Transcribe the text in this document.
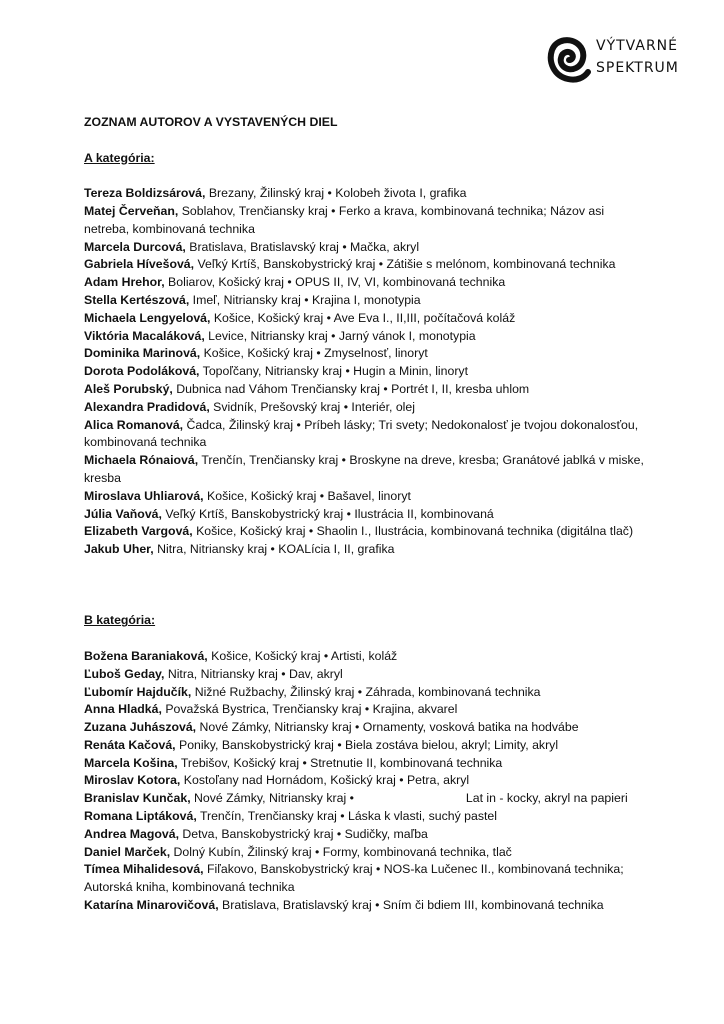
VÝTVARNÉ
SPEKTRUM
ZOZNAM AUTOROV A VYSTAVENÝCH DIEL
A kategória:

Tereza Boldizsárová, Brezany, Žilinský kraj • Kolobeh života I, grafika

Matej Červeňan, Soblahov, Trenčiansky kraj • Ferko a krava, kombinovaná technika; Názov asi netreba, kombinovaná technika

Marcela Durcová, Bratislava, Bratislavský kraj • Mačka, akryl

Gabriela Hívešová, Veľký Krtíš, Banskobystrický kraj • Zátišie s melónom, kombinovaná technika

Adam Hrehor, Boliarov, Košický kraj • OPUS II, IV, VI, kombinovaná technika

Stella Kertészová, Imeľ, Nitriansky kraj • Krajina I, monotypia

Michaela Lengyelová, Košice, Košický kraj • Ave Eva I., II,III, počítačová koláž

Viktória Macaláková, Levice, Nitriansky kraj • Jarný vánok I, monotypia

Dominika Marinová, Košice, Košický kraj • Zmyselnosť, linoryt

Dorota Podoláková, Topoľčany, Nitriansky kraj • Hugin a Minin, linoryt

Aleš Porubský, Dubnica nad Váhom Trenčiansky kraj • Portrét I, II, kresba uhlom

Alexandra Pradidová, Svidník, Prešovský kraj • Interiér, olej

Alica Romanová, Čadca, Žilinský kraj • Príbeh lásky; Tri svety; Nedokonalosť je tvojou dokonalosťou, kombinovaná technika

Michaela Rónaiová, Trenčín, Trenčiansky kraj • Broskyne na dreve, kresba; Granátové jablká v miske, kresba

Miroslava Uhliarová, Košice, Košický kraj • Bašavel, linoryt

Júlia Vaňová, Veľký Krtíš, Banskobystrický kraj • Ilustrácia II, kombinovaná

Elizabeth Vargová, Košice, Košický kraj • Shaolin I., Ilustrácia, kombinovaná technika (digitálna tlač)

Jakub Uher, Nitra, Nitriansky kraj • KOALícia I, II, grafika

B kategória:

Božena Baraniaková, Košice, Košický kraj • Artisti, koláž

Ľuboš Geday, Nitra, Nitriansky kraj • Dav, akryl

Ľubomír Hajdučík, Nižné Ružbachy, Žilinský kraj • Záhrada, kombinovaná technika

Anna Hladká, Považská Bystrica, Trenčiansky kraj • Krajina, akvarel

Zuzana Juhászová, Nové Zámky, Nitriansky kraj • Ornamenty, vosková batika na hodvábe

Renáta Kačová, Poniky, Banskobystrický kraj • Biela zostáva bielou, akryl; Limity, akryl

Marcela Košina, Trebišov, Košický kraj • Stretnutie II, kombinovaná technika

Miroslav Kotora, Kostoľany nad Hornádom, Košický kraj • Petra, akryl

Branislav Kunčak, Nové Zámky, Nitriansky kraj •	Lat in - kocky, akryl na papieri

Romana Liptáková, Trenčín, Trenčiansky kraj • Láska k vlasti, suchý pastel

Andrea Magová, Detva, Banskobystrický kraj • Sudičky, maľba

Daniel Marček, Dolný Kubín, Žilinský kraj • Formy, kombinovaná technika, tlač

Tímea Mihalidesová, Fiľakovo, Banskobystrický kraj • NOS-ka Lučenec II., kombinovaná technika;

Autorská kniha, kombinovaná technika

Katarína Minarovičová, Bratislava, Bratislavský kraj • Sním či bdiem III, kombinovaná technika
